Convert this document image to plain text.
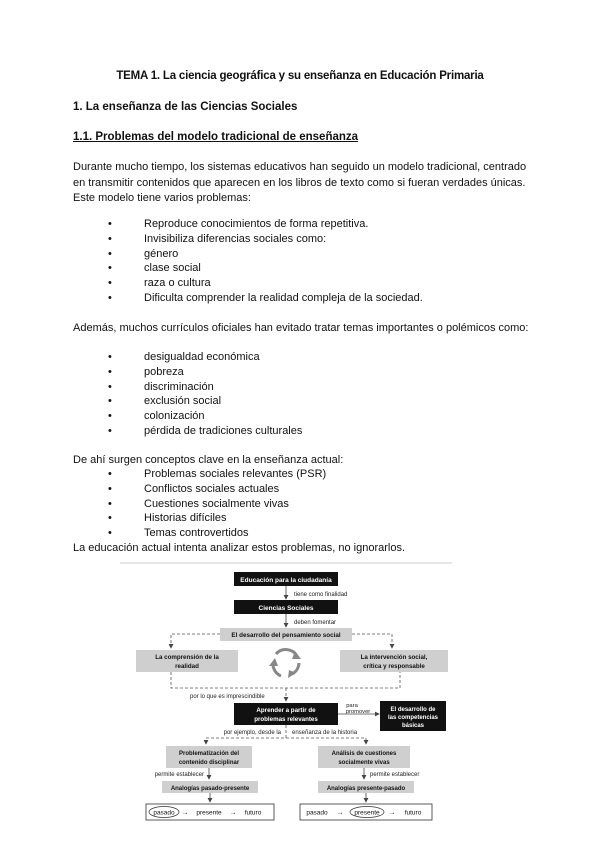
TEMA 1. La ciencia geográfica y su enseñanza en Educación Primaria
1. La enseñanza de las Ciencias Sociales
1.1. Problemas del modelo tradicional de enseñanza
Durante mucho tiempo, los sistemas educativos han seguido un modelo tradicional, centrado en transmitir contenidos que aparecen en los libros de texto como si fueran verdades únicas. Este modelo tiene varios problemas:
•	Reproduce conocimientos de forma repetitiva.
•	Invisibiliza diferencias sociales como:
•	género
•	clase social
•	raza o cultura
•	Dificulta comprender la realidad compleja de la sociedad.
Además, muchos currículos oficiales han evitado tratar temas importantes o polémicos como:
•	desigualdad económica
•	pobreza
•	discriminación
•	exclusión social
•	colonización
•	pérdida de tradiciones culturales
De ahí surgen conceptos clave en la enseñanza actual:
•	Problemas sociales relevantes (PSR)
•	Conflictos sociales actuales
•	Cuestiones socialmente vivas
•	Historias difíciles
•	Temas controvertidos
La educación actual intenta analizar estos problemas, no ignorarlos.
Educación para la ciudadanía
tiene como finalidad
Ciencias Sociales
deben fomentar
El desarrollo del pensamiento social
La comprensión de la
realidad
La intervención social,
crítica y responsable
por lo que es imprescindible
Aprender a partir de
problemas relevantes
para
promover	El desarrollo de
las competencias
básicas
por ejemplo, desde la enseñanza de la historia
Problematización del
contenido disciplinar
Análisis de cuestiones
socialmente vivas
permite establecer	permite establecer
Analogías pasado-presente	Analogías presente-pasado
pasado → presente → futuro	pasado → presente → futuro
